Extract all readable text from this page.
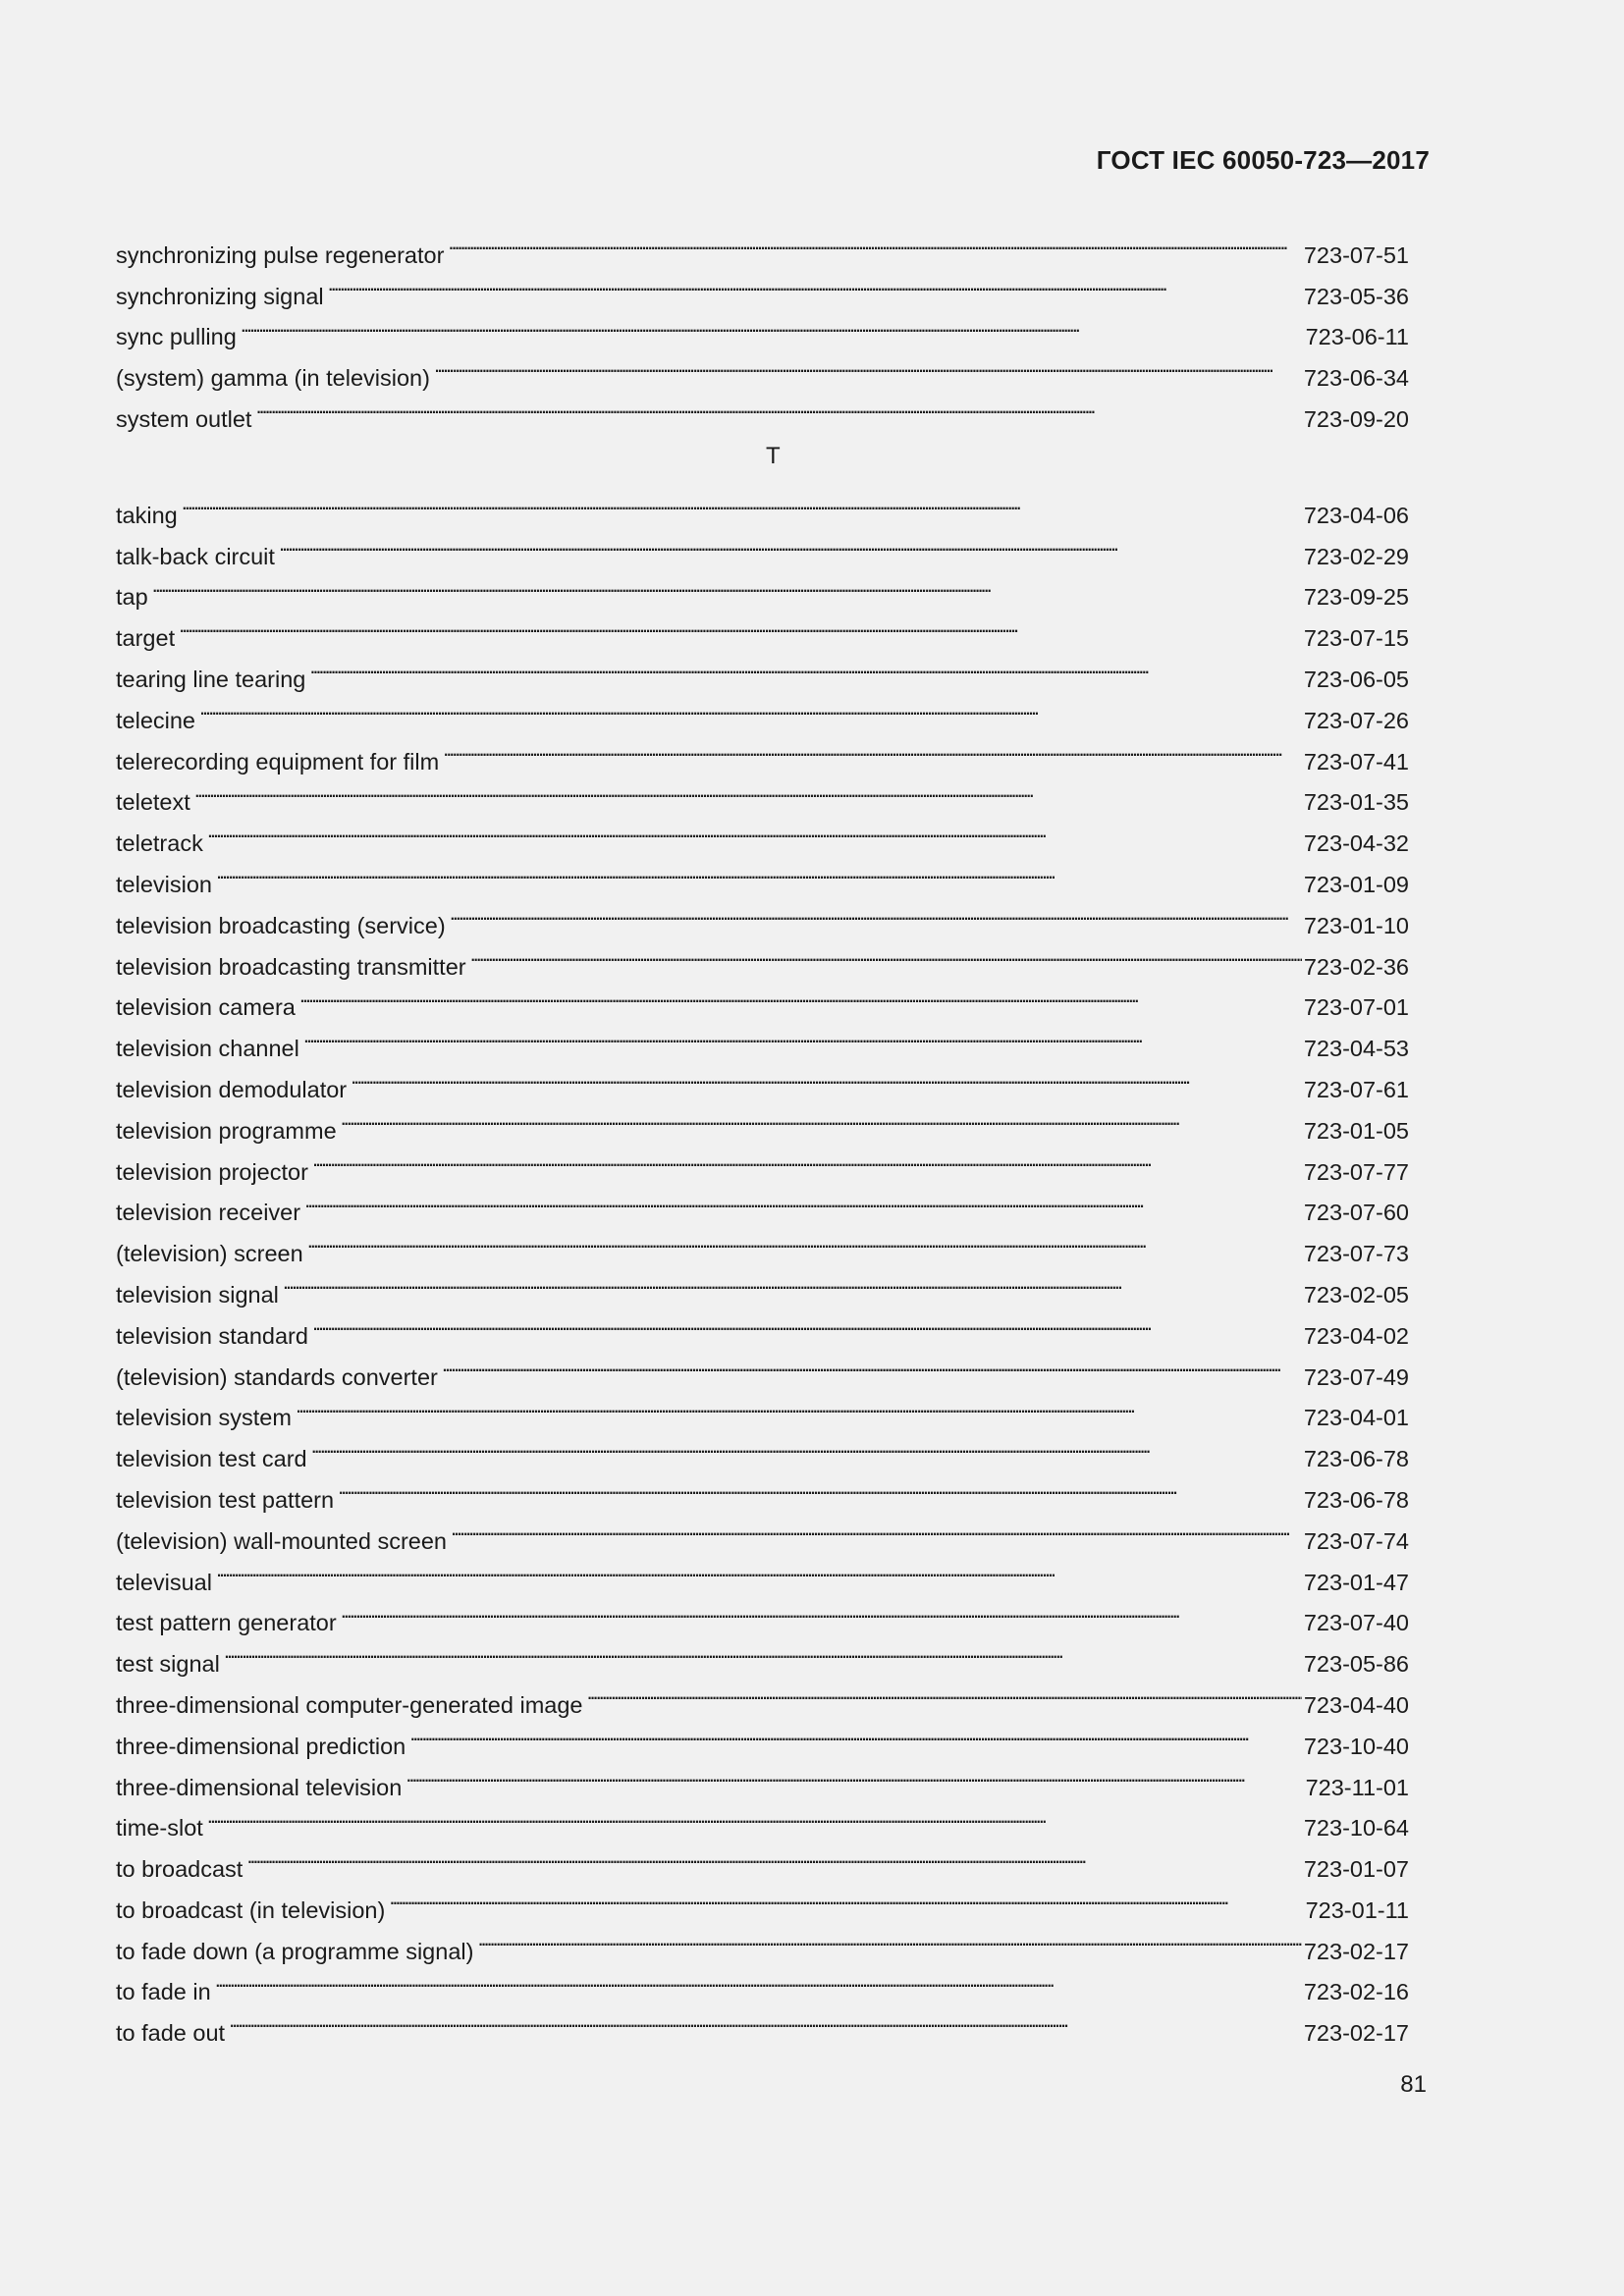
ГОСТ IEC 60050-723—2017
synchronizing pulse regenerator . . .	723-07-51
synchronizing signal . . .	723-05-36
sync pulling . . .	723-06-11
(system) gamma (in television) . . .	723-06-34
system outlet . . .	723-09-20
T
taking . . .	723-04-06
talk-back circuit . . .	723-02-29
tap . . .	723-09-25
target . . .	723-07-15
tearing line tearing . . .	723-06-05
telecine . . .	723-07-26
telerecording equipment for film . . .	723-07-41
teletext . . .	723-01-35
teletrack . . .	723-04-32
television . . .	723-01-09
television broadcasting (service) . . .	723-01-10
television broadcasting transmitter . . .	723-02-36
television camera . . .	723-07-01
television channel . . .	723-04-53
television demodulator . . .	723-07-61
television programme . . .	723-01-05
television projector . . .	723-07-77
television receiver . . .	723-07-60
(television) screen . . .	723-07-73
television signal . . .	723-02-05
television standard . . .	723-04-02
(television) standards converter . . .	723-07-49
television system . . .	723-04-01
television test card . . .	723-06-78
television test pattern . . .	723-06-78
(television) wall-mounted screen . . .	723-07-74
televisual . . .	723-01-47
test pattern generator . . .	723-07-40
test signal . . .	723-05-86
three-dimensional computer-generated image . . .	723-04-40
three-dimensional prediction . . .	723-10-40
three-dimensional television . . .	723-11-01
time-slot . . .	723-10-64
to broadcast . . .	723-01-07
to broadcast (in television) . . .	723-01-11
to fade down (a programme signal) . . .	723-02-17
to fade in . . .	723-02-16
to fade out . . .	723-02-17
81
